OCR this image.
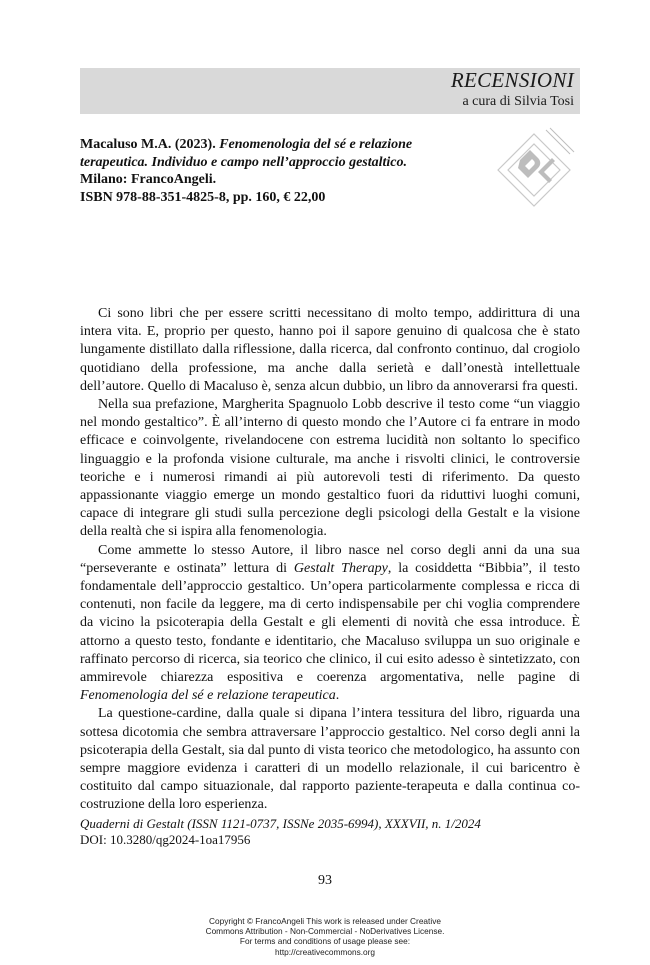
RECENSIONI
a cura di Silvia Tosi
Macaluso M.A. (2023). Fenomenologia del sé e relazione
terapeutica. Individuo e campo nell’approccio gestaltico.
Milano: FrancoAngeli.
ISBN 978-88-351-4825-8, pp. 160, € 22,00

Ci sono libri che per essere scritti necessitano di molto tempo, addirittura di una intera vita. E, proprio per questo, hanno poi il sapore genuino di qualcosa che è stato lungamente distillato dalla riflessione, dalla ricerca, dal confronto continuo, dal crogiolo quotidiano della professione, ma anche dalla serietà e dall’onestà intellettuale dell’autore. Quello di Macaluso è, senza alcun dubbio, un libro da annoverarsi fra questi.

Nella sua prefazione, Margherita Spagnuolo Lobb descrive il testo come “un viaggio nel mondo gestaltico”. È all’interno di questo mondo che l’Autore ci fa entrare in modo efficace e coinvolgente, rivelandocene con estrema lucidità non soltanto lo specifico linguaggio e la profonda visione culturale, ma anche i risvolti clinici, le controversie teoriche e i numerosi rimandi ai più autorevoli testi di riferimento. Da questo appassionante viaggio emerge un mondo gestaltico fuori da riduttivi luoghi comuni, capace di integrare gli studi sulla percezione degli psicologi della Gestalt e la visione della realtà che si ispira alla fenomenologia.

Come ammette lo stesso Autore, il libro nasce nel corso degli anni da una sua “perseverante e ostinata” lettura di Gestalt Therapy, la cosiddetta “Bibbia”, il testo fondamentale dell’approccio gestaltico. Un’opera particolarmente complessa e ricca di contenuti, non facile da leggere, ma di certo indispensabile per chi voglia comprendere da vicino la psicoterapia della Gestalt e gli elementi di novità che essa introduce. È attorno a questo testo, fondante e identitario, che Macaluso sviluppa un suo originale e raffinato percorso di ricerca, sia teorico che clinico, il cui esito adesso è sintetizzato, con ammirevole chiarezza espositiva e coerenza argomentativa, nelle pagine di Fenomenologia del sé e relazione terapeutica.

La questione-cardine, dalla quale si dipana l’intera tessitura del libro, riguarda una sottesa dicotomia che sembra attraversare l’approccio gestaltico. Nel corso degli anni la psicoterapia della Gestalt, sia dal punto di vista teorico che metodologico, ha assunto con sempre maggiore evidenza i caratteri di un modello relazionale, il cui baricentro è costituito dal campo situazionale, dal rapporto paziente-terapeuta e dalla continua co-costruzione della loro esperienza.

Quaderni di Gestalt (ISSN 1121-0737, ISSNe 2035-6994), XXXVII, n. 1/2024
DOI: 10.3280/qg2024-1oa17956
93
Copyright © FrancoAngeli This work is released under Creative
Commons Attribution - Non-Commercial - NoDerivatives License.
For terms and conditions of usage please see:
http://creativecommons.org
